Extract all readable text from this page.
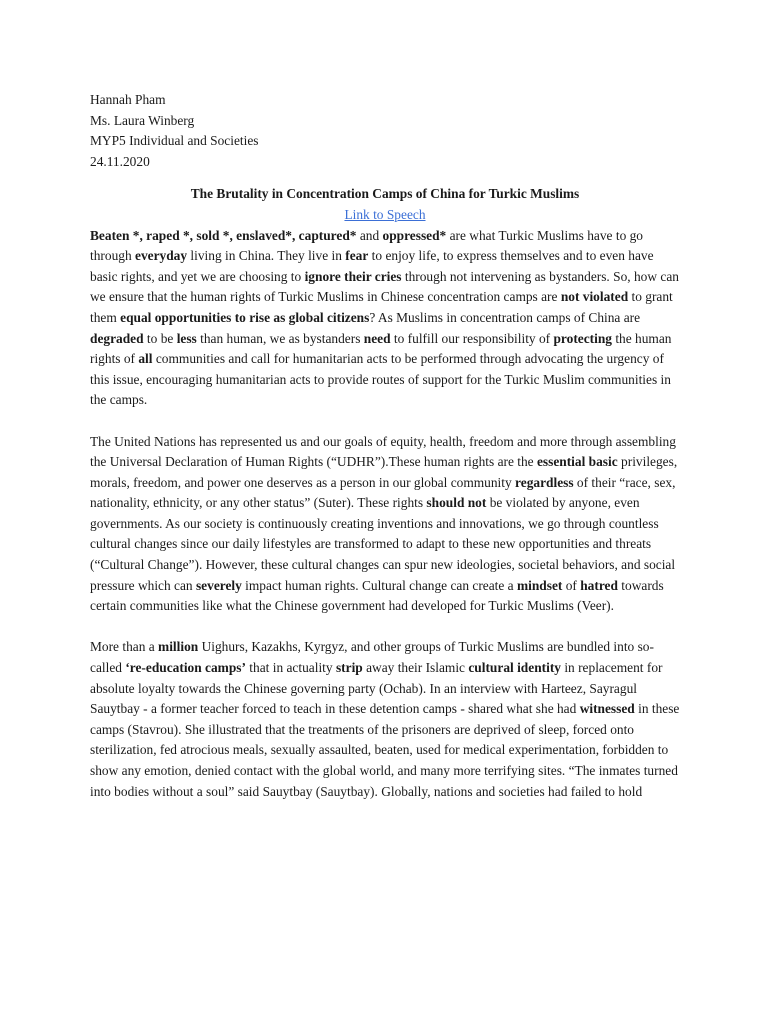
Hannah Pham

Ms. Laura Winberg

MYP5 Individual and Societies

24.11.2020

The Brutality in Concentration Camps of China for Turkic Muslims

Link to Speech

Beaten *, raped *, sold *, enslaved*, captured* and oppressed* are what Turkic Muslims have to go through everyday living in China. They live in fear to enjoy life, to express themselves and to even have basic rights, and yet we are choosing to ignore their cries through not intervening as bystanders. So, how can we ensure that the human rights of Turkic Muslims in Chinese concentration camps are not violated to grant them equal opportunities to rise as global citizens? As Muslims in concentration camps of China are degraded to be less than human, we as bystanders need to fulfill our responsibility of protecting the human rights of all communities and call for humanitarian acts to be performed through advocating the urgency of this issue, encouraging humanitarian acts to provide routes of support for the Turkic Muslim communities in the camps.

The United Nations has represented us and our goals of equity, health, freedom and more through assembling the Universal Declaration of Human Rights (“UDHR”).These human rights are the essential basic privileges, morals, freedom, and power one deserves as a person in our global community regardless of their “race, sex, nationality, ethnicity, or any other status” (Suter). These rights should not be violated by anyone, even governments. As our society is continuously creating inventions and innovations, we go through countless cultural changes since our daily lifestyles are transformed to adapt to these new opportunities and threats (“Cultural Change”). However, these cultural changes can spur new ideologies, societal behaviors, and social pressure which can severely impact human rights. Cultural change can create a mindset of hatred towards certain communities like what the Chinese government had developed for Turkic Muslims (Veer).

More than a million Uighurs, Kazakhs, Kyrgyz, and other groups of Turkic Muslims are bundled into so-called ‘re-education camps’ that in actuality strip away their Islamic cultural identity in replacement for absolute loyalty towards the Chinese governing party (Ochab). In an interview with Harteez, Sayragul Sauytbay - a former teacher forced to teach in these detention camps - shared what she had witnessed in these camps (Stavrou). She illustrated that the treatments of the prisoners are deprived of sleep, forced onto sterilization, fed atrocious meals, sexually assaulted, beaten, used for medical experimentation, forbidden to show any emotion, denied contact with the global world, and many more terrifying sites. “The inmates turned into bodies without a soul” said Sauytbay (Sauytbay). Globally, nations and societies had failed to hold
